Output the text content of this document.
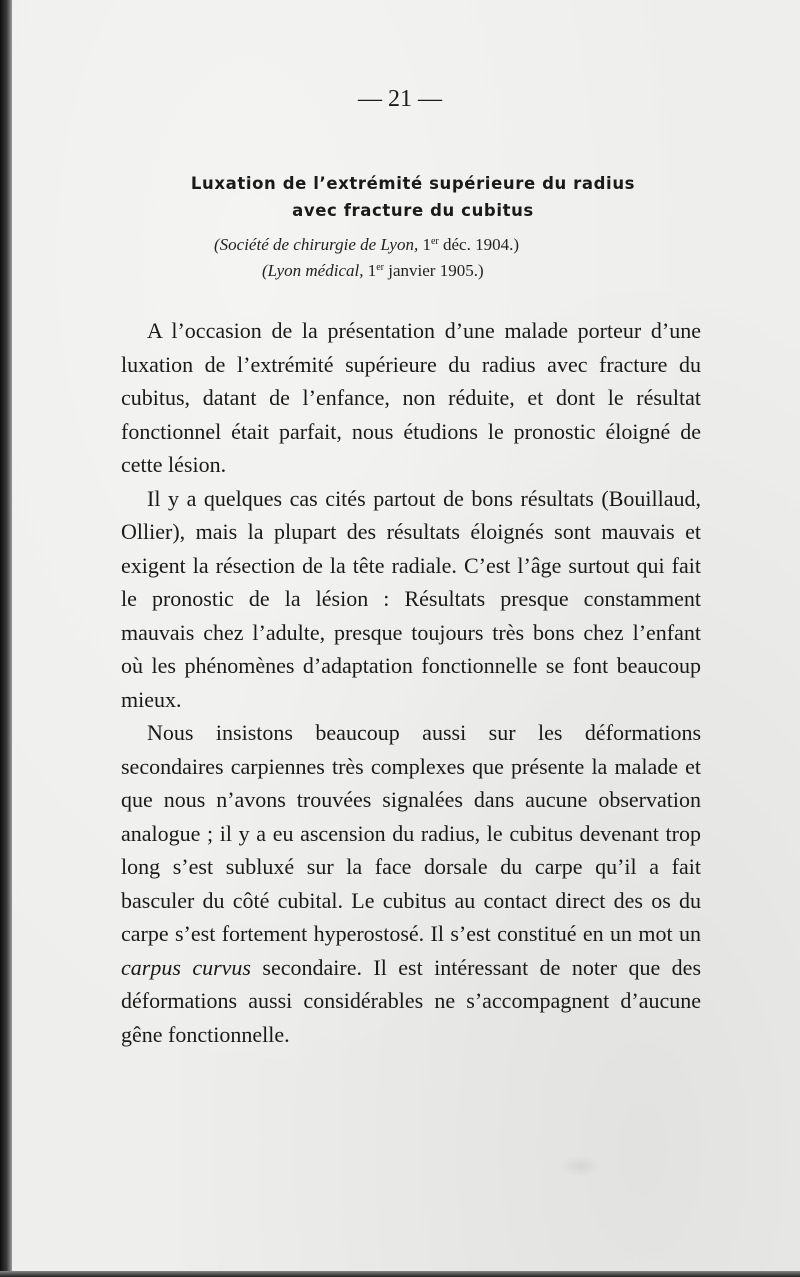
— 21 —
Luxation de l’extrémité supérieure du radius
avec fracture du cubitus
(Société de chirurgie de Lyon, 1er déc. 1904.)
(Lyon médical, 1er janvier 1905.)

A l’occasion de la présentation d’une malade porteur d’une luxation de l’extrémité supérieure du radius avec fracture du cubitus, datant de l’enfance, non réduite, et dont le résultat fonctionnel était parfait, nous étudions le pronostic éloigné de cette lésion.

Il y a quelques cas cités partout de bons résultats (Bouillaud, Ollier), mais la plupart des résultats éloignés sont mauvais et exigent la résection de la tête radiale. C’est l’âge surtout qui fait le pronostic de la lésion : Résultats presque constamment mauvais chez l’adulte, presque toujours très bons chez l’enfant où les phénomènes d’adaptation fonctionnelle se font beaucoup mieux.

Nous insistons beaucoup aussi sur les déformations secondaires carpiennes très complexes que présente la malade et que nous n’avons trouvées signalées dans aucune observation analogue ; il y a eu ascension du radius, le cubitus devenant trop long s’est subluxé sur la face dorsale du carpe qu’il a fait basculer du côté cubital. Le cubitus au contact direct des os du carpe s’est fortement hyperostosé. Il s’est constitué en un mot un carpus curvus secondaire. Il est intéressant de noter que des déformations aussi considérables ne s’accompagnent d’aucune gêne fonctionnelle.
